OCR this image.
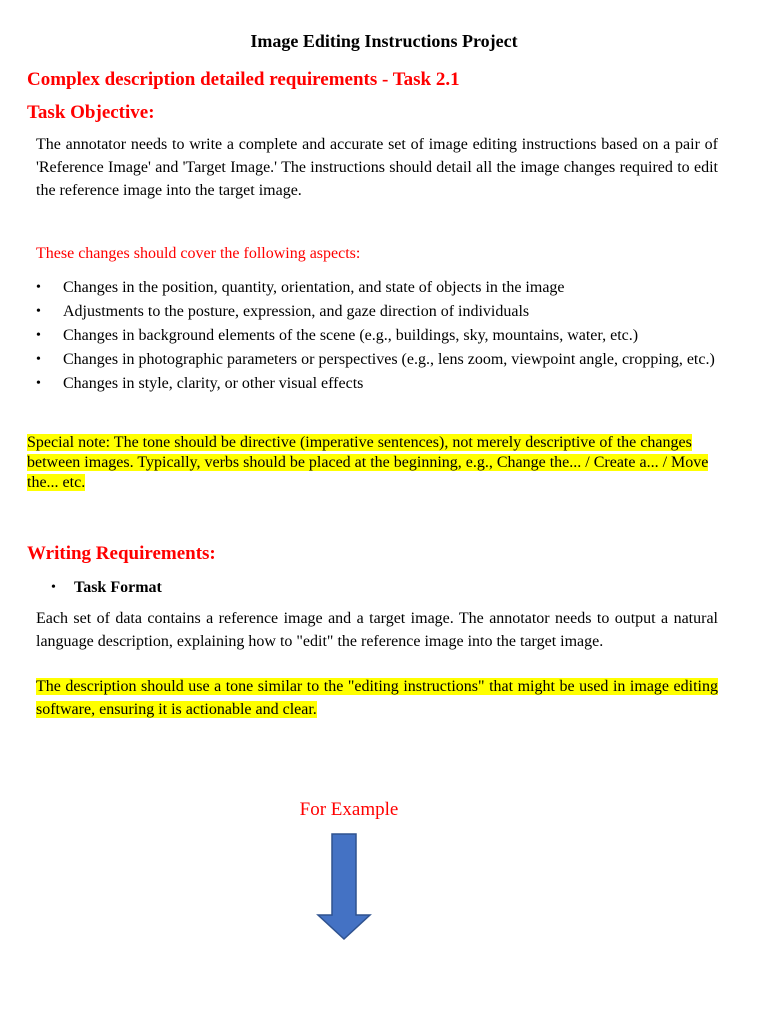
Image Editing Instructions Project
Complex description detailed requirements - Task 2.1
Task Objective:
The annotator needs to write a complete and accurate set of image editing instructions based on a pair of 'Reference Image' and 'Target Image.' The instructions should detail all the image changes required to edit the reference image into the target image.
These changes should cover the following aspects:
• Changes in the position, quantity, orientation, and state of objects in the image
• Adjustments to the posture, expression, and gaze direction of individuals
• Changes in background elements of the scene (e.g., buildings, sky, mountains, water, etc.)
• Changes in photographic parameters or perspectives (e.g., lens zoom, viewpoint angle, cropping, etc.)
• Changes in style, clarity, or other visual effects
Special note: The tone should be directive (imperative sentences), not merely descriptive of the changes between images. Typically, verbs should be placed at the beginning, e.g., Change the... / Create a... / Move the... etc.
Writing Requirements:
• Task Format
Each set of data contains a reference image and a target image. The annotator needs to output a natural language description, explaining how to "edit" the reference image into the target image.
The description should use a tone similar to the "editing instructions" that might be used in image editing software, ensuring it is actionable and clear.
For Example
